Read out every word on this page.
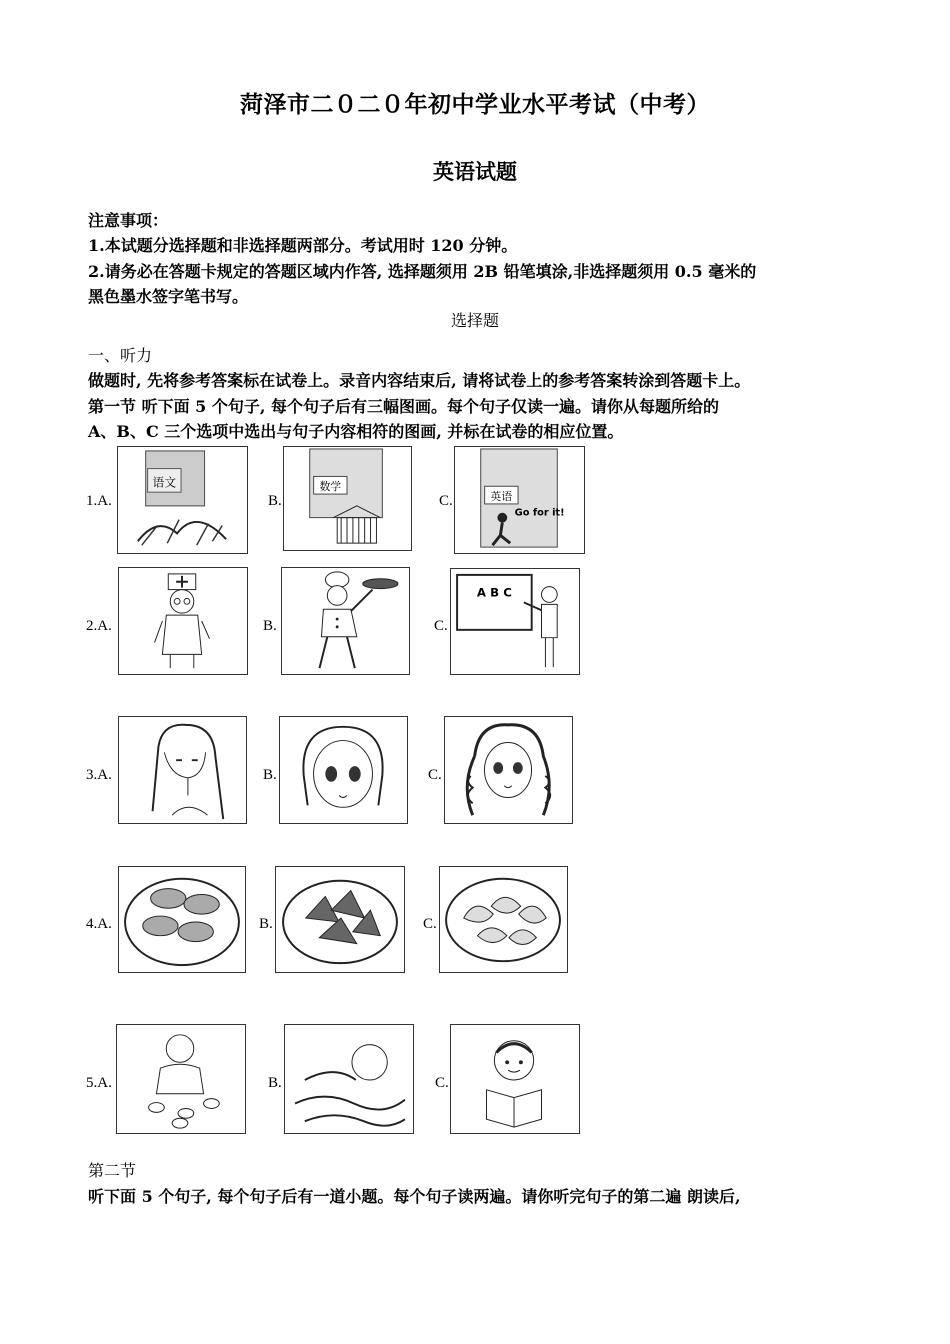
菏泽市二０二０年初中学业水平考试（中考）
英语试题
注意事项：
1.本试题分选择题和非选择题两部分。考试用时 120 分钟。
2.请务必在答题卡规定的答题区域内作答, 选择题须用 2B 铅笔填涂,非选择题须用 0.5 毫米的
黑色墨水签字笔书写。
选择题
一、听力
做题时, 先将参考答案标在试卷上。录音内容结束后, 请将试卷上的参考答案转涂到答题卡上。
第一节 听下面 5 个句子, 每个句子后有三幅图画。每个句子仅读一遍。请你从每题所给的
A、B、C 三个选项中选出与句子内容相符的图画, 并标在试卷的相应位置。
1.A.
语文
B.
数学
C.	英语
Go for it!
2.A.	B.	C.
A B C
3.A.	B.	C.
4.A.	B.	C.
5.A.	B.	C.
第二节
听下面 5 个句子, 每个句子后有一道小题。每个句子读两遍。请你听完句子的第二遍 朗读后,
